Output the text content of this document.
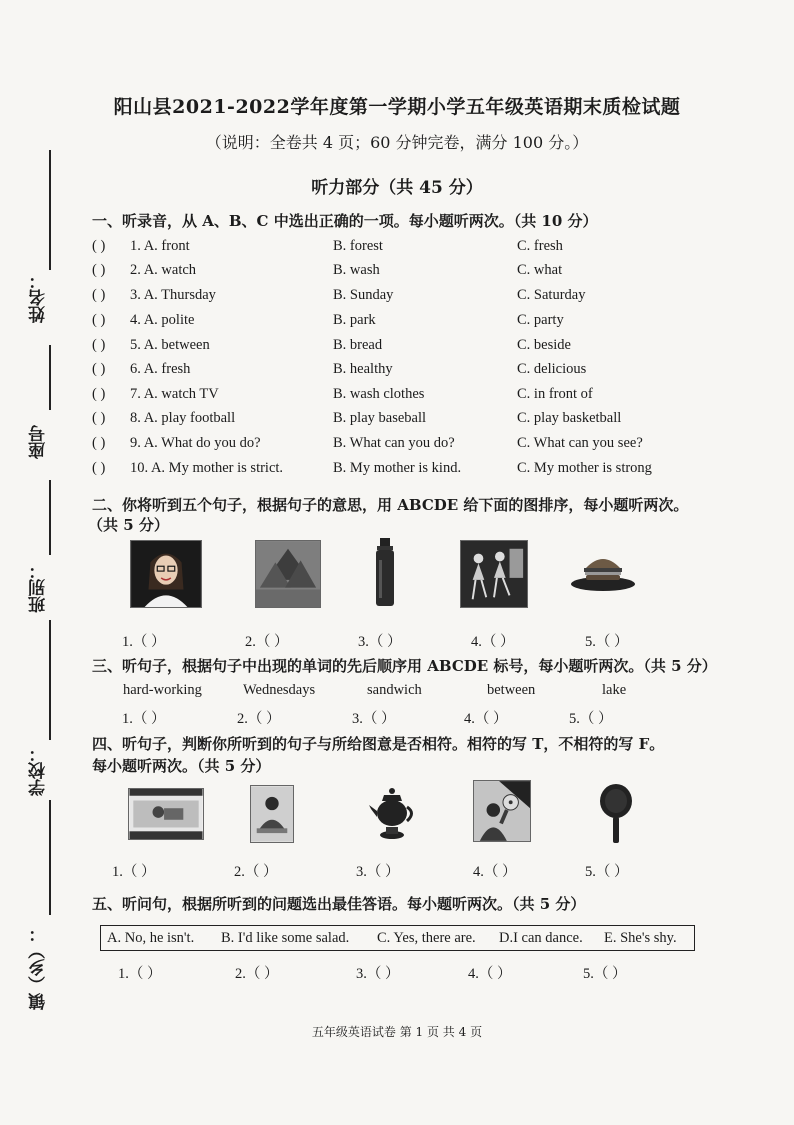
姓名：
座号
班别：
学校：
镇（乡）：
阳山县2021-2022学年度第一学期小学五年级英语期末质检试题
（说明：全卷共 4 页；60 分钟完卷，满分 100 分。）
听力部分（共 45 分）
一、听录音，从 A、B、C 中选出正确的一项。每小题听两次。（共 10 分）
( ) 1. A. front	B. forest	C. fresh
( ) 2. A. watch	B. wash	C. what
( ) 3. A. Thursday	B. Sunday	C. Saturday
( ) 4. A. polite	B. park	C. party
( ) 5. A. between	B. bread	C. beside
( ) 6. A. fresh	B. healthy	C. delicious
( ) 7. A. watch TV	B. wash clothes	C. in front of
( ) 8. A. play football	B. play baseball	C. play basketball
( ) 9. A. What do you do?	B. What can you do?	C. What can you see?
( ) 10. A. My mother is strict.	B. My mother is kind.	C. My mother is strong
二、你将听到五个句子，根据句子的意思，用 ABCDE 给下面的图排序，每小题听两次。
（共 5 分）
1.（ ）	2.（ ）	3.（ ）	4.（ ）	5.（ ）
三、听句子，根据句子中出现的单词的先后顺序用 ABCDE 标号，每小题听两次。（共 5 分）
hard-working	Wednesdays	sandwich	between	lake
1.（ ）	2.（ ）	3.（ ）	4.（ ）	5.（ ）
四、听句子，判断你所听到的句子与所给图意是否相符。相符的写 T，不相符的写 F。
每小题听两次。（共 5 分）
1.（ ）	2.（ ）	3.（ ）	4.（ ）	5.（ ）
五、听问句，根据所听到的问题选出最佳答语。每小题听两次。（共 5 分）
A. No, he isn't. B. I'd like some salad. C. Yes, there are. D.I can dance. E. She's shy.
1.（ ）	2.（ ）	3.（ ）	4.（ ）	5.（ ）
五年级英语试卷 第 1 页 共 4 页
